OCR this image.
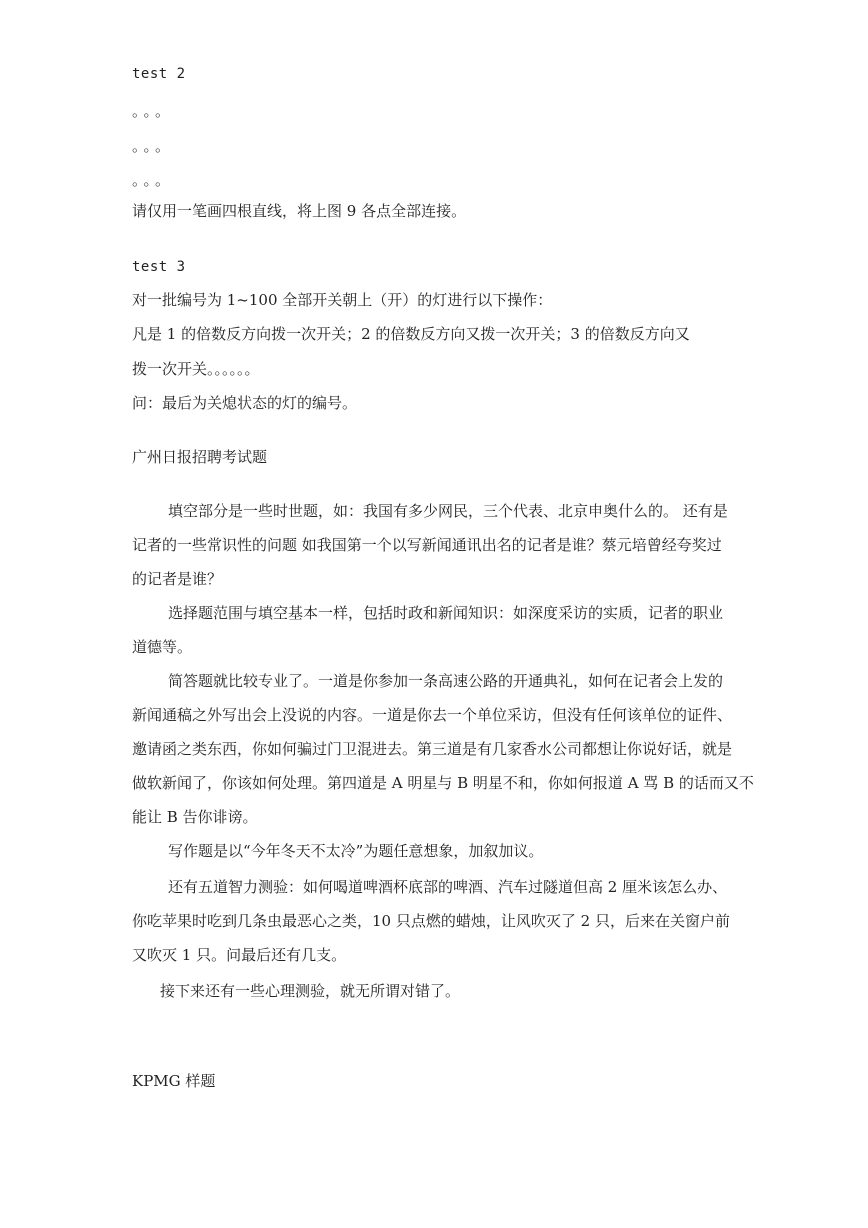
test 2
。。。
。。。
。。。
请仅用一笔画四根直线，将上图 9 各点全部连接。
test 3
对一批编号为 1~100 全部开关朝上（开）的灯进行以下操作：
凡是 1 的倍数反方向拨一次开关；2 的倍数反方向又拨一次开关；3 的倍数反方向又
拨一次开关。。。。。。
问：最后为关熄状态的灯的编号。
广州日报招聘考试题
填空部分是一些时世题，如：我国有多少网民，三个代表、北京申奥什么的。 还有是
记者的一些常识性的问题 如我国第一个以写新闻通讯出名的记者是谁？蔡元培曾经夸奖过
的记者是谁？
选择题范围与填空基本一样，包括时政和新闻知识：如深度采访的实质，记者的职业
道德等。
简答题就比较专业了。一道是你参加一条高速公路的开通典礼，如何在记者会上发的
新闻通稿之外写出会上没说的内容。一道是你去一个单位采访，但没有任何该单位的证件、
邀请函之类东西，你如何骗过门卫混进去。第三道是有几家香水公司都想让你说好话，就是
做软新闻了，你该如何处理。第四道是 A 明星与 B 明星不和，你如何报道 A 骂 B 的话而又不
能让 B 告你诽谤。
写作题是以“今年冬天不太冷”为题任意想象，加叙加议。
还有五道智力测验：如何喝道啤酒杯底部的啤酒、汽车过隧道但高 2 厘米该怎么办、
你吃苹果时吃到几条虫最恶心之类，10 只点燃的蜡烛，让风吹灭了 2 只，后来在关窗户前
又吹灭 1 只。问最后还有几支。
接下来还有一些心理测验，就无所谓对错了。
KPMG 样题
